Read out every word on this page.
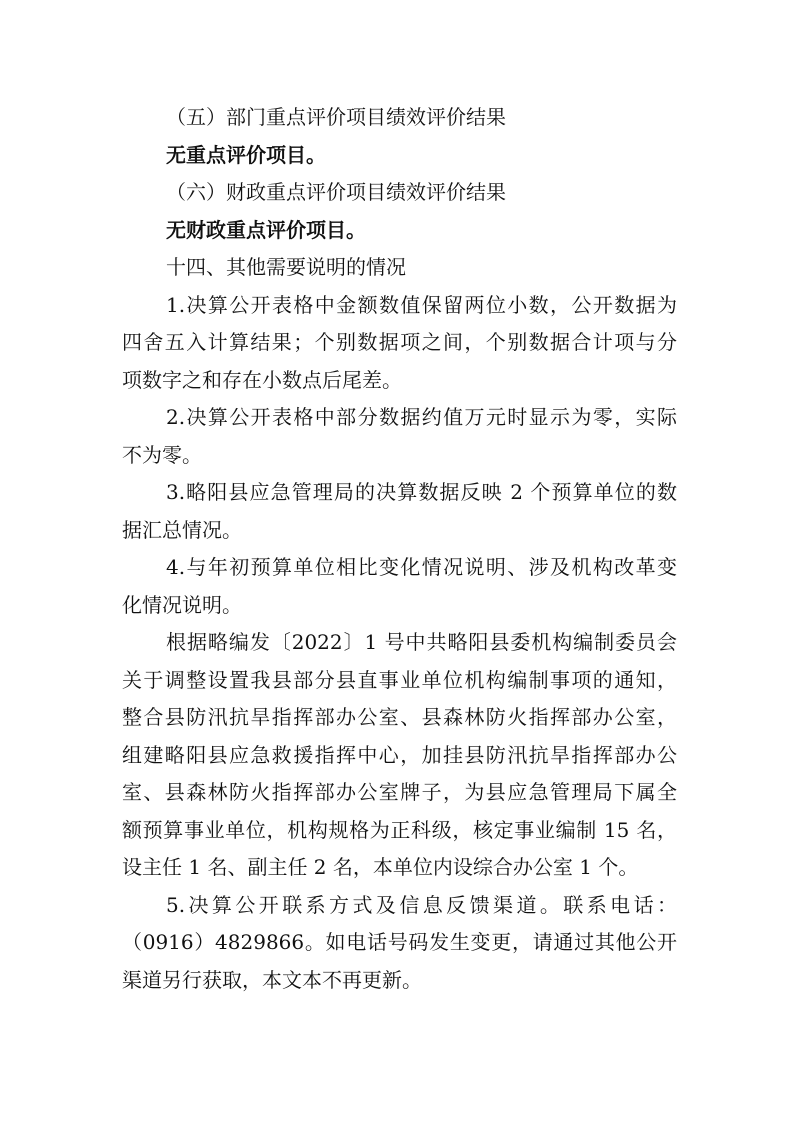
（五）部门重点评价项目绩效评价结果
无重点评价项目。
（六）财政重点评价项目绩效评价结果
无财政重点评价项目。
十四、其他需要说明的情况
1.决算公开表格中金额数值保留两位小数，公开数据为
四舍五入计算结果；个别数据项之间，个别数据合计项与分
项数字之和存在小数点后尾差。
2.决算公开表格中部分数据约值万元时显示为零，实际
不为零。
3.略阳县应急管理局的决算数据反映 2 个预算单位的数
据汇总情况。
4.与年初预算单位相比变化情况说明、涉及机构改革变
化情况说明。
根据略编发〔2022〕1 号中共略阳县委机构编制委员会
关于调整设置我县部分县直事业单位机构编制事项的通知，
整合县防汛抗旱指挥部办公室、县森林防火指挥部办公室，
组建略阳县应急救援指挥中心，加挂县防汛抗旱指挥部办公
室、县森林防火指挥部办公室牌子，为县应急管理局下属全
额预算事业单位，机构规格为正科级，核定事业编制 15 名，
设主任 1 名、副主任 2 名，本单位内设综合办公室 1 个。
5.决算公开联系方式及信息反馈渠道。联系电话：
（0916）4829866。如电话号码发生变更，请通过其他公开
渠道另行获取，本文本不再更新。
